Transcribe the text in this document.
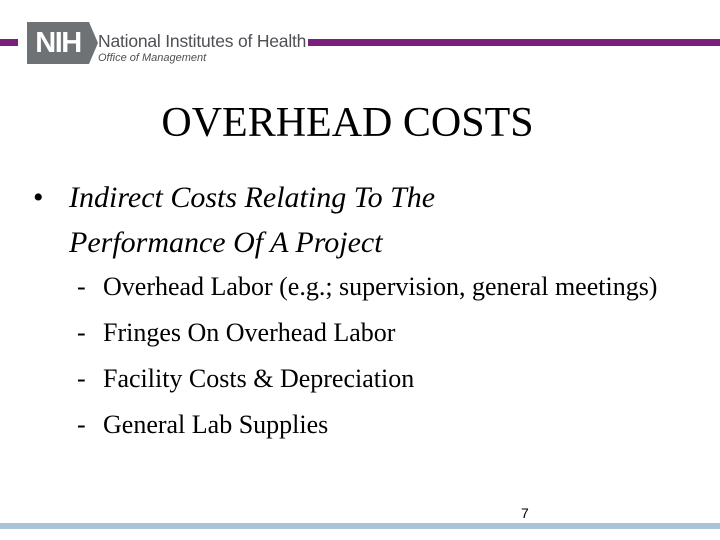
NIH National Institutes of Health
Office of Management
OVERHEAD COSTS
• Indirect Costs Relating To The Performance Of A Project
- Overhead Labor (e.g.; supervision, general meetings)
- Fringes On Overhead Labor
- Facility Costs & Depreciation
- General Lab Supplies
7
